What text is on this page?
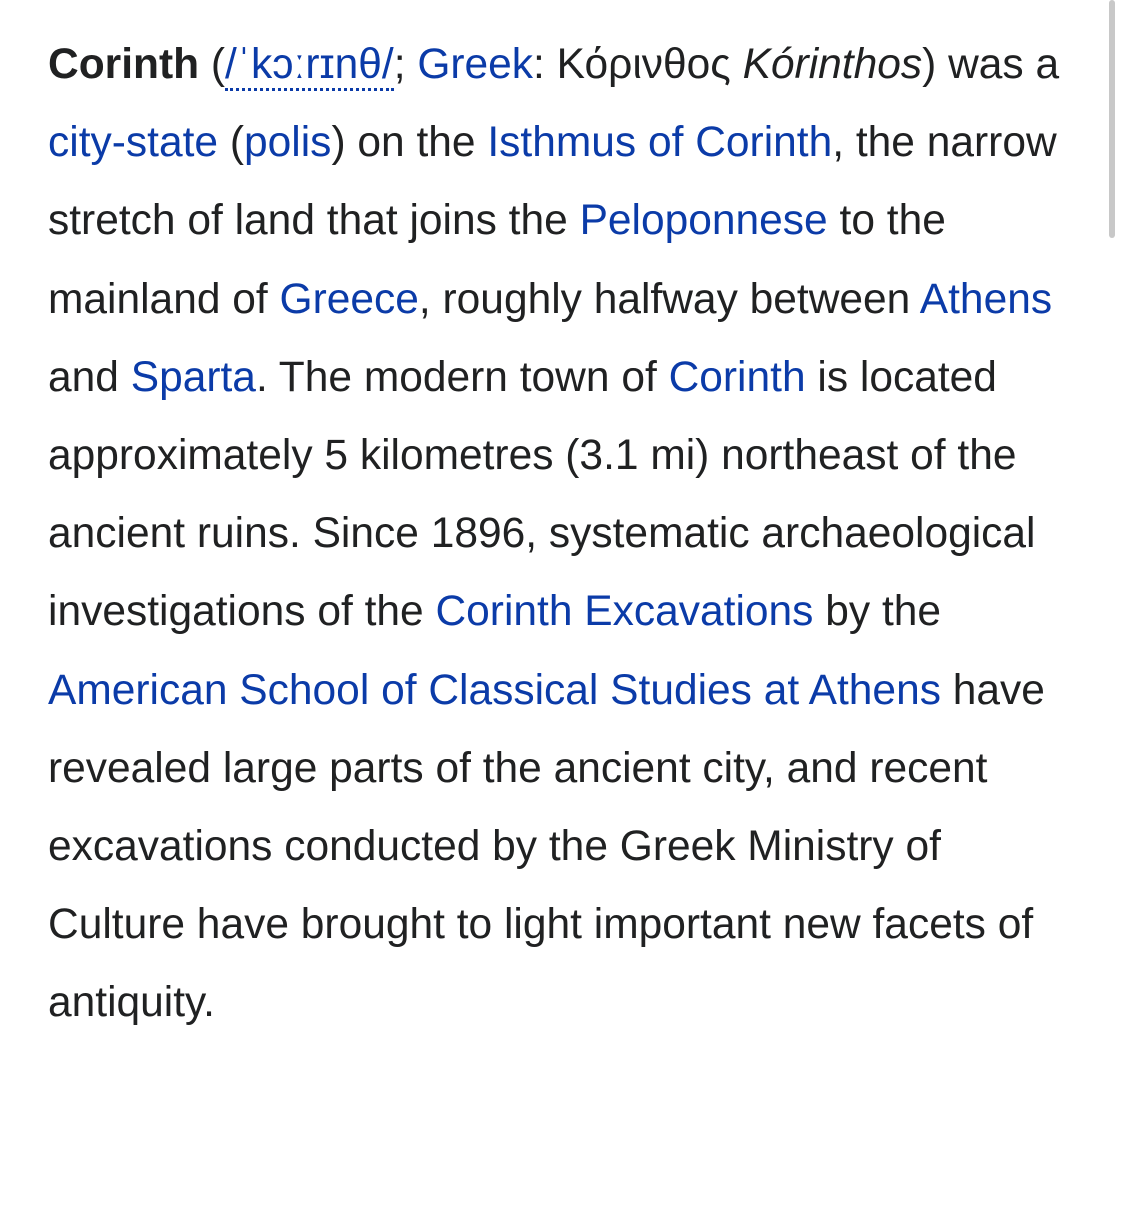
Corinth (/ˈkɔːrɪnθ/; Greek: Κόρινθος Kórinthos) was a city-state (polis) on the Isthmus of Corinth, the narrow stretch of land that joins the Peloponnese to the mainland of Greece, roughly halfway between Athens and Sparta. The modern town of Corinth is located approximately 5 kilometres (3.1 mi) northeast of the ancient ruins. Since 1896, systematic archaeological investigations of the Corinth Excavations by the American School of Classical Studies at Athens have revealed large parts of the ancient city, and recent excavations conducted by the Greek Ministry of Culture have brought to light important new facets of antiquity.
